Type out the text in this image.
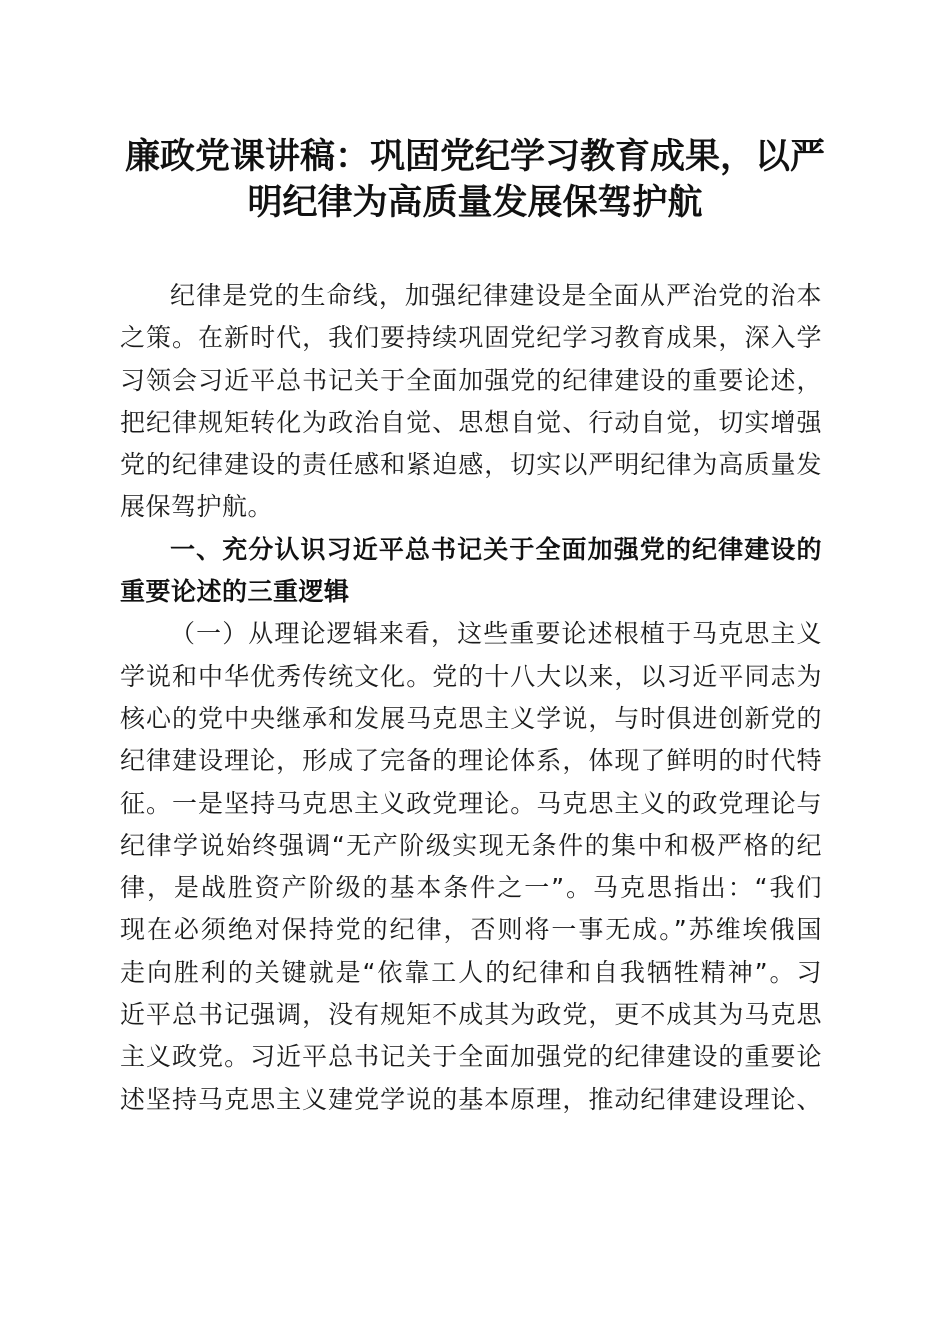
廉政党课讲稿：巩固党纪学习教育成果，以严
明纪律为高质量发展保驾护航
纪律是党的生命线，加强纪律建设是全面从严治党的治本
之策。在新时代，我们要持续巩固党纪学习教育成果，深入学
习领会习近平总书记关于全面加强党的纪律建设的重要论述，
把纪律规矩转化为政治自觉、思想自觉、行动自觉，切实增强
党的纪律建设的责任感和紧迫感，切实以严明纪律为高质量发
展保驾护航。
一、充分认识习近平总书记关于全面加强党的纪律建设的
重要论述的三重逻辑
（一）从理论逻辑来看，这些重要论述根植于马克思主义
学说和中华优秀传统文化。党的十八大以来，以习近平同志为
核心的党中央继承和发展马克思主义学说，与时俱进创新党的
纪律建设理论，形成了完备的理论体系，体现了鲜明的时代特
征。一是坚持马克思主义政党理论。马克思主义的政党理论与
纪律学说始终强调“无产阶级实现无条件的集中和极严格的纪
律，是战胜资产阶级的基本条件之一”。马克思指出：“我们
现在必须绝对保持党的纪律，否则将一事无成。”苏维埃俄国
走向胜利的关键就是“依靠工人的纪律和自我牺牲精神”。习
近平总书记强调，没有规矩不成其为政党，更不成其为马克思
主义政党。习近平总书记关于全面加强党的纪律建设的重要论
述坚持马克思主义建党学说的基本原理，推动纪律建设理论、
